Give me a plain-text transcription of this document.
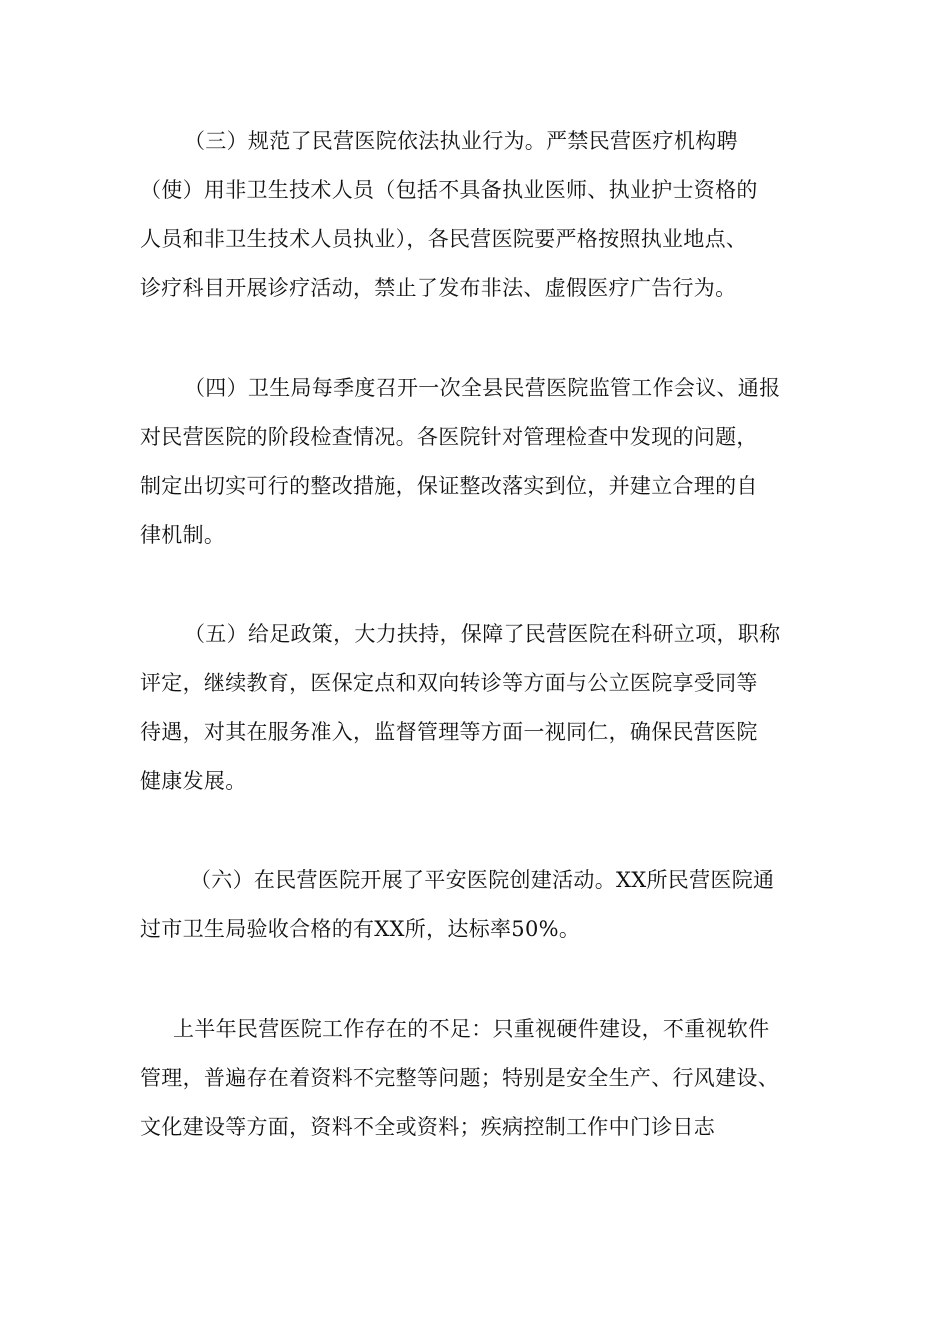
（三）规范了民营医院依法执业行为。严禁民营医疗机构聘
（使）用非卫生技术人员（包括不具备执业医师、执业护士资格的
人员和非卫生技术人员执业），各民营医院要严格按照执业地点、
诊疗科目开展诊疗活动，禁止了发布非法、虚假医疗广告行为。
（四）卫生局每季度召开一次全县民营医院监管工作会议、通报
对民营医院的阶段检查情况。各医院针对管理检查中发现的问题，
制定出切实可行的整改措施，保证整改落实到位，并建立合理的自
律机制。
（五）给足政策，大力扶持，保障了民营医院在科研立项，职称
评定，继续教育，医保定点和双向转诊等方面与公立医院享受同等
待遇，对其在服务准入，监督管理等方面一视同仁，确保民营医院
健康发展。
（六）在民营医院开展了平安医院创建活动。XX所民营医院通
过市卫生局验收合格的有XX所，达标率50%。
上半年民营医院工作存在的不足：只重视硬件建设，不重视软件
管理，普遍存在着资料不完整等问题；特别是安全生产、行风建设、
文化建设等方面，资料不全或资料；疾病控制工作中门诊日志
